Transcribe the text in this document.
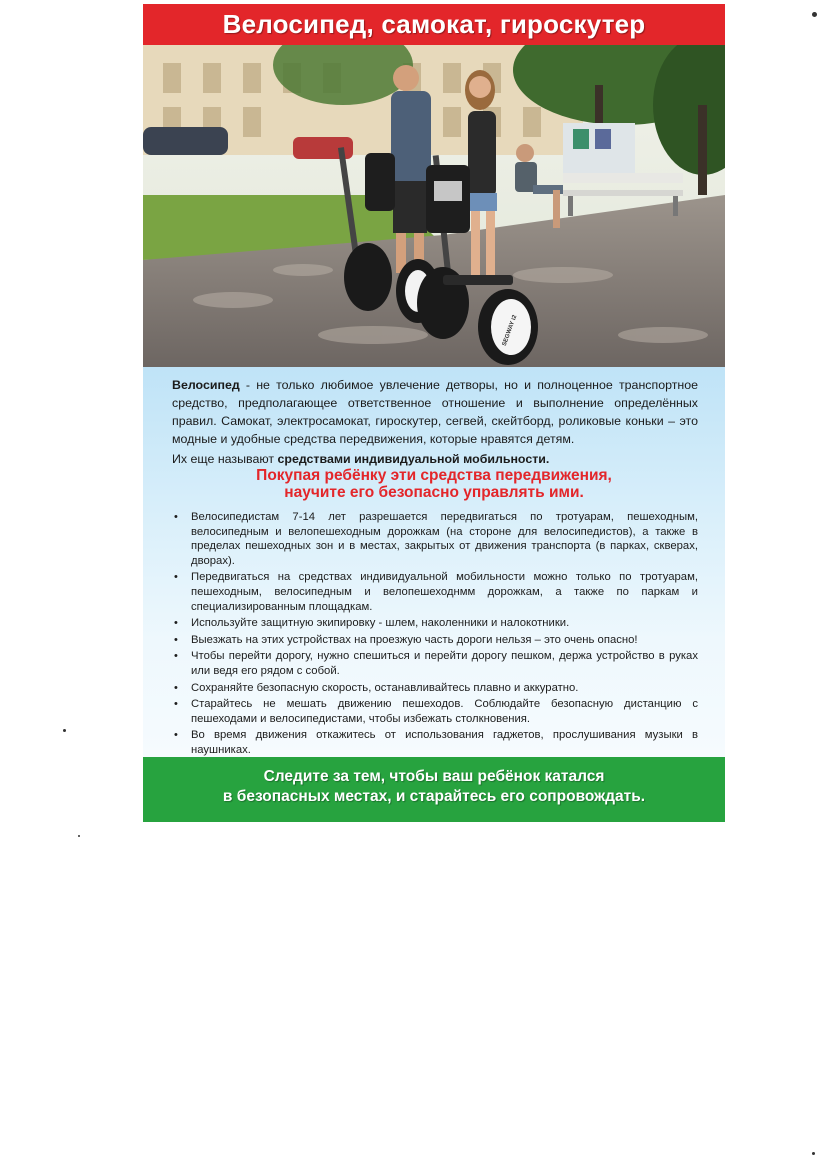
Велосипед, самокат, гироскутер
SEGWAY i2
Велосипед - не только любимое увлечение детворы, но и полноценное транспортное средство, предполагающее ответственное отношение и выполнение определённых правил. Самокат, электросамокат, гироскутер, сегвей, скейтборд, роликовые коньки – это модные и удобные средства передвижения, которые нравятся детям.
Их еще называют средствами индивидуальной мобильности.
Покупая ребёнку эти средства передвижения,
научите его безопасно управлять ими.
• Велосипедистам 7-14 лет разрешается передвигаться по тротуарам, пешеходным, велосипедным и велопешеходным дорожкам (на стороне для велосипедистов), а также в пределах пешеходных зон и в местах, закрытых от движения транспорта (в парках, скверах, дворах).
• Передвигаться на средствах индивидуальной мобильности можно только по тротуарам, пешеходным, велосипедным и велопешеходнмм дорожкам, а также по паркам и специализированным площадкам.
• Используйте защитную экипировку - шлем, наколенники и налокотники.
• Выезжать на этих устройствах на проезжую часть дороги нельзя – это очень опасно!
• Чтобы перейти дорогу, нужно спешиться и перейти дорогу пешком, держа устройство в руках или ведя его рядом с собой.
• Сохраняйте безопасную скорость, останавливайтесь плавно и аккуратно.
• Старайтесь не мешать движению пешеходов. Соблюдайте безопасную дистанцию с пешеходами и велосипедистами, чтобы избежать столкновения.
• Во время движения откажитесь от использования гаджетов, прослушивания музыки в наушниках.
Следите за тем, чтобы ваш ребёнок катался
в безопасных местах, и старайтесь его сопровождать.
